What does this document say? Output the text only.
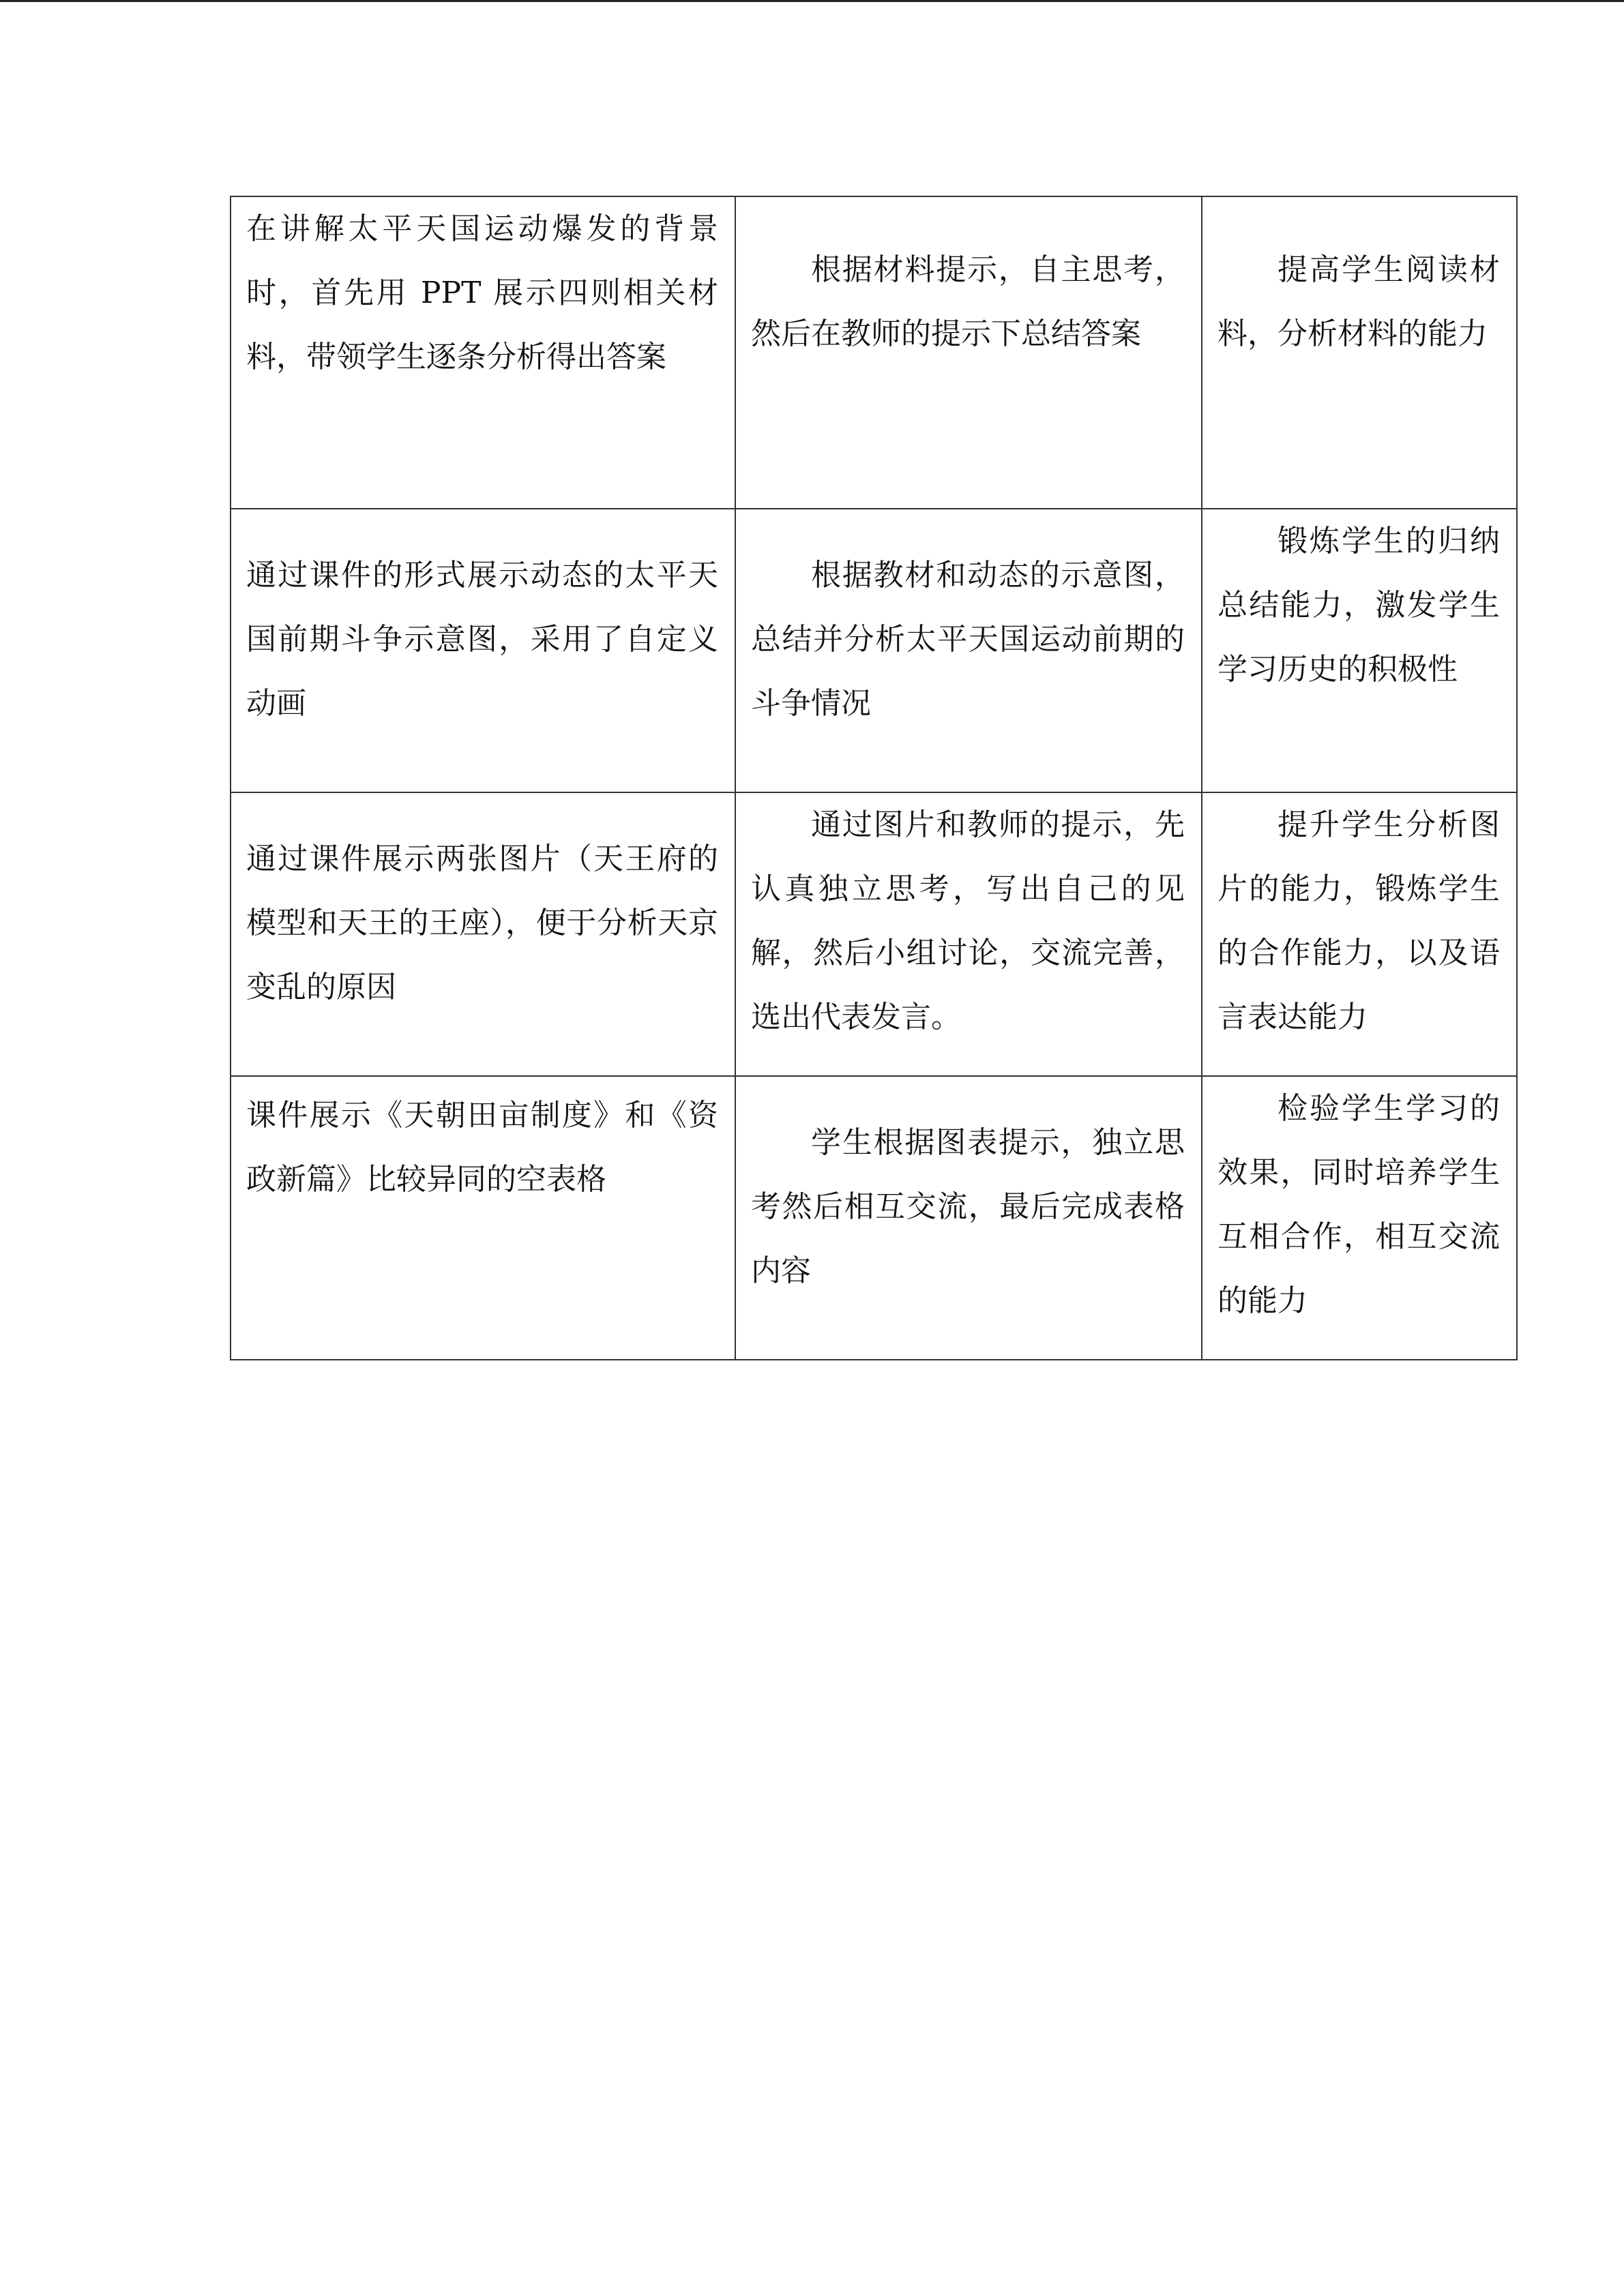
在讲解太平天国运动爆发的背景时，首先用 PPT 展示四则相关材料，带领学生逐条分析得出答案	根据材料提示，自主思考，然后在教师的提示下总结答案	提高学生阅读材料，分析材料的能力

通过课件的形式展示动态的太平天国前期斗争示意图，采用了自定义动画	根据教材和动态的示意图，总结并分析太平天国运动前期的斗争情况	锻炼学生的归纳总结能力，激发学生学习历史的积极性

通过课件展示两张图片（天王府的模型和天王的王座），便于分析天京变乱的原因	通过图片和教师的提示，先认真独立思考，写出自己的见解，然后小组讨论，交流完善，选出代表发言。	提升学生分析图片的能力，锻炼学生的合作能力，以及语言表达能力

课件展示《天朝田亩制度》和《资政新篇》比较异同的空表格	学生根据图表提示，独立思考然后相互交流，最后完成表格内容	检验学生学习的效果，同时培养学生互相合作，相互交流的能力
